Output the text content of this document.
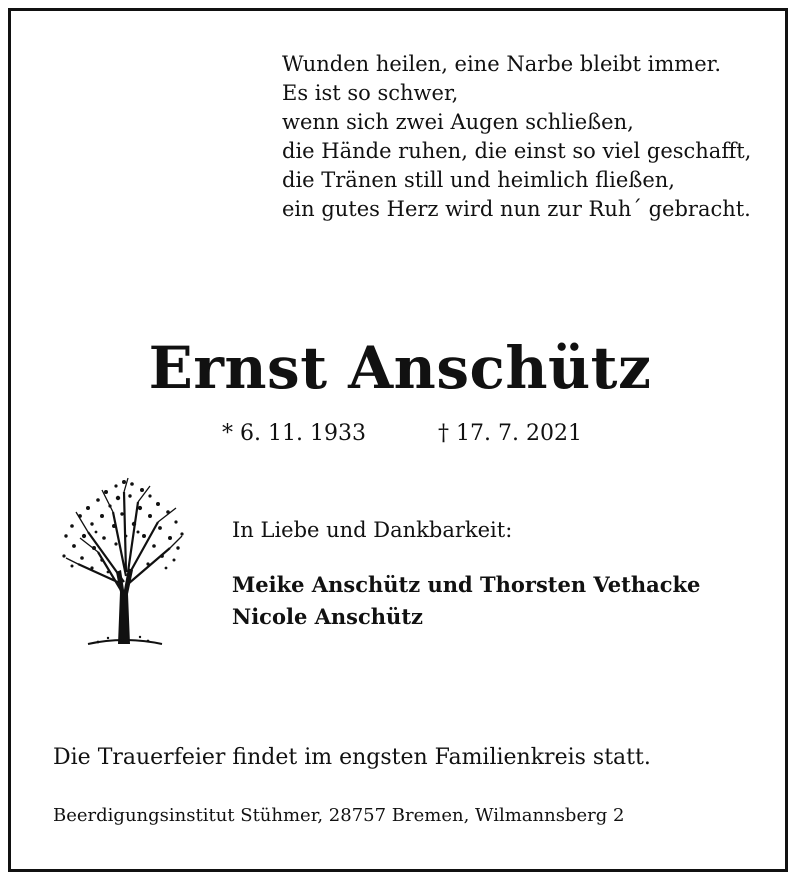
Wunden heilen, eine Narbe bleibt immer.
Es ist so schwer,
wenn sich zwei Augen schließen,
die Hände ruhen, die einst so viel geschafft,
die Tränen still und heimlich fließen,
ein gutes Herz wird nun zur Ruh´ gebracht.
Ernst Anschütz
* 6. 11. 1933	† 17. 7. 2021
In Liebe und Dankbarkeit:
Meike Anschütz und Thorsten Vethacke
Nicole Anschütz
Die Trauerfeier findet im engsten Familienkreis statt.
Beerdigungsinstitut Stühmer, 28757 Bremen, Wilmannsberg 2
